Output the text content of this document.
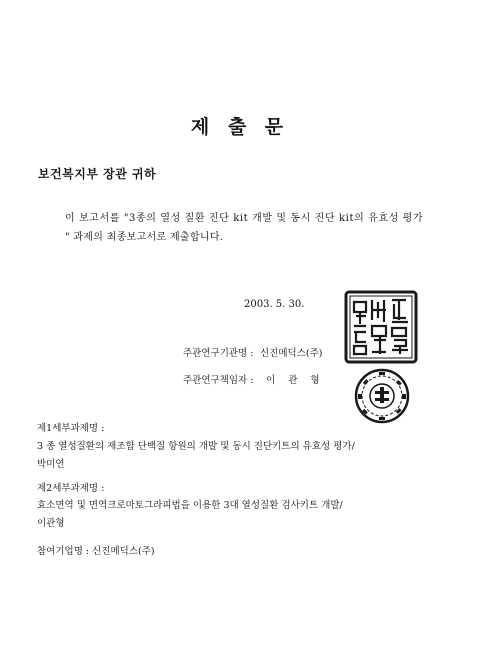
제 출 문
보건복지부 장관 귀하
이 보고서를 "3종의 열성 질환 진단 kit 개발 및 동시 진단 kit의 유효성 평가
" 과제의 최종보고서로 제출합니다.
2003. 5. 30.
주관연구기관명 : 신진메딕스(주)
주관연구책임자 : 이 관 형
제1세부과제명 :
3 종 열성질환의 재조합 단백질 항원의 개발 및 동시 진단키트의 유효성 평가/
박미연
제2세부과제명 :
효소면역 및 면역크로마토그라피법을 이용한 3대 열성질환 검사키트 개발/
이관형
참여기업명 : 신진메딕스(주)
